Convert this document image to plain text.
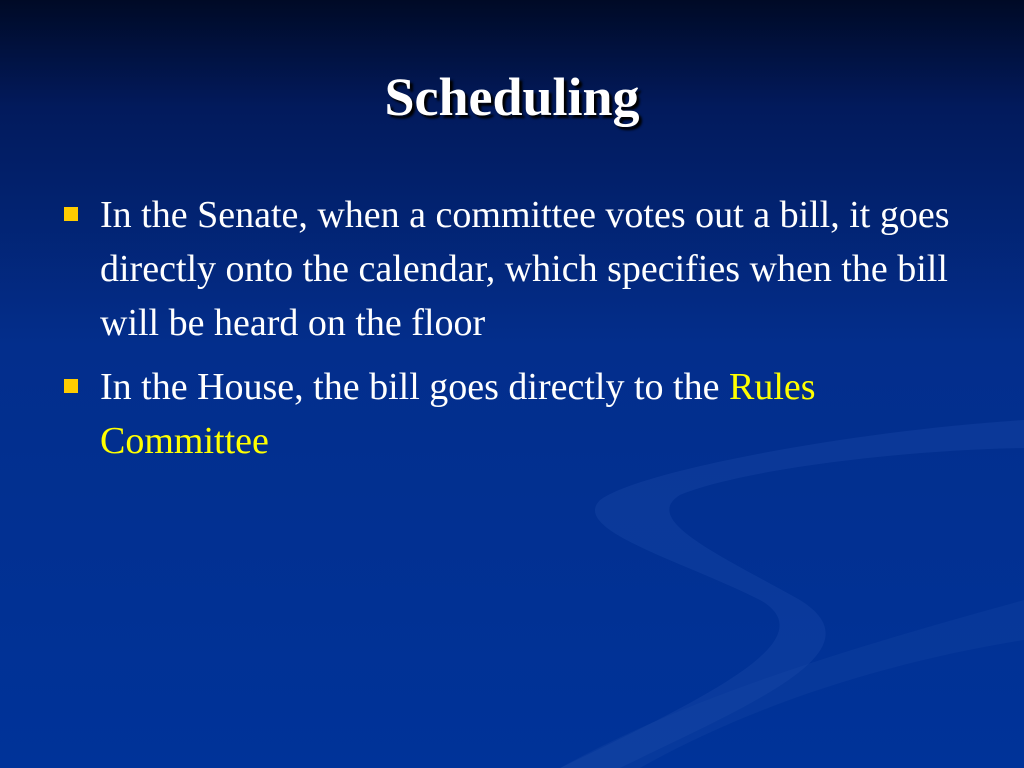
Scheduling
In the Senate, when a committee votes out a bill, it goes directly onto the calendar, which specifies when the bill will be heard on the floor
In the House, the bill goes directly to the Rules Committee
